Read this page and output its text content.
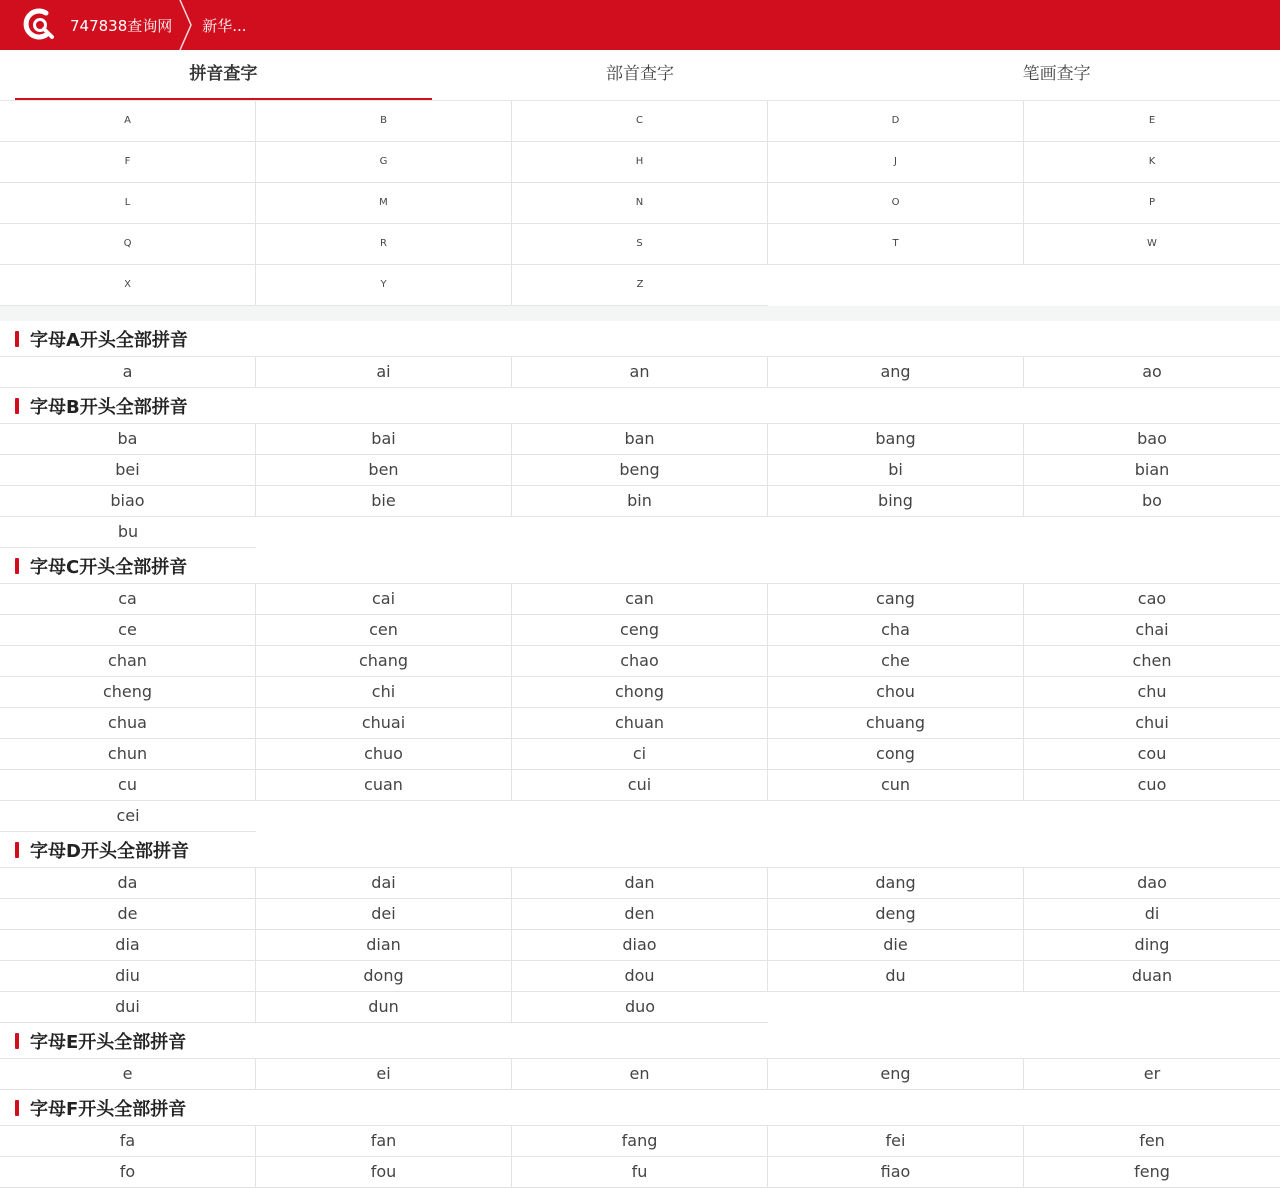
747838查询网 新华...
拼音查字	部首查字	笔画查字
A	B	C	D	E
F	G	H	J	K
L	M	N	O	P
Q	R	S	T	W
X	Y	Z
字母A开头全部拼音
a	ai	an	ang	ao
字母B开头全部拼音
ba	bai	ban	bang	bao
bei	ben	beng	bi	bian
biao	bie	bin	bing	bo
bu
字母C开头全部拼音
ca	cai	can	cang	cao
ce	cen	ceng	cha	chai
chan	chang	chao	che	chen
cheng	chi	chong	chou	chu
chua	chuai	chuan	chuang	chui
chun	chuo	ci	cong	cou
cu	cuan	cui	cun	cuo
cei
字母D开头全部拼音
da	dai	dan	dang	dao
de	dei	den	deng	di
dia	dian	diao	die	ding
diu	dong	dou	du	duan
dui	dun	duo
字母E开头全部拼音
e	ei	en	eng	er
字母F开头全部拼音
fa	fan	fang	fei	fen
fo	fou	fu	fiao	feng
